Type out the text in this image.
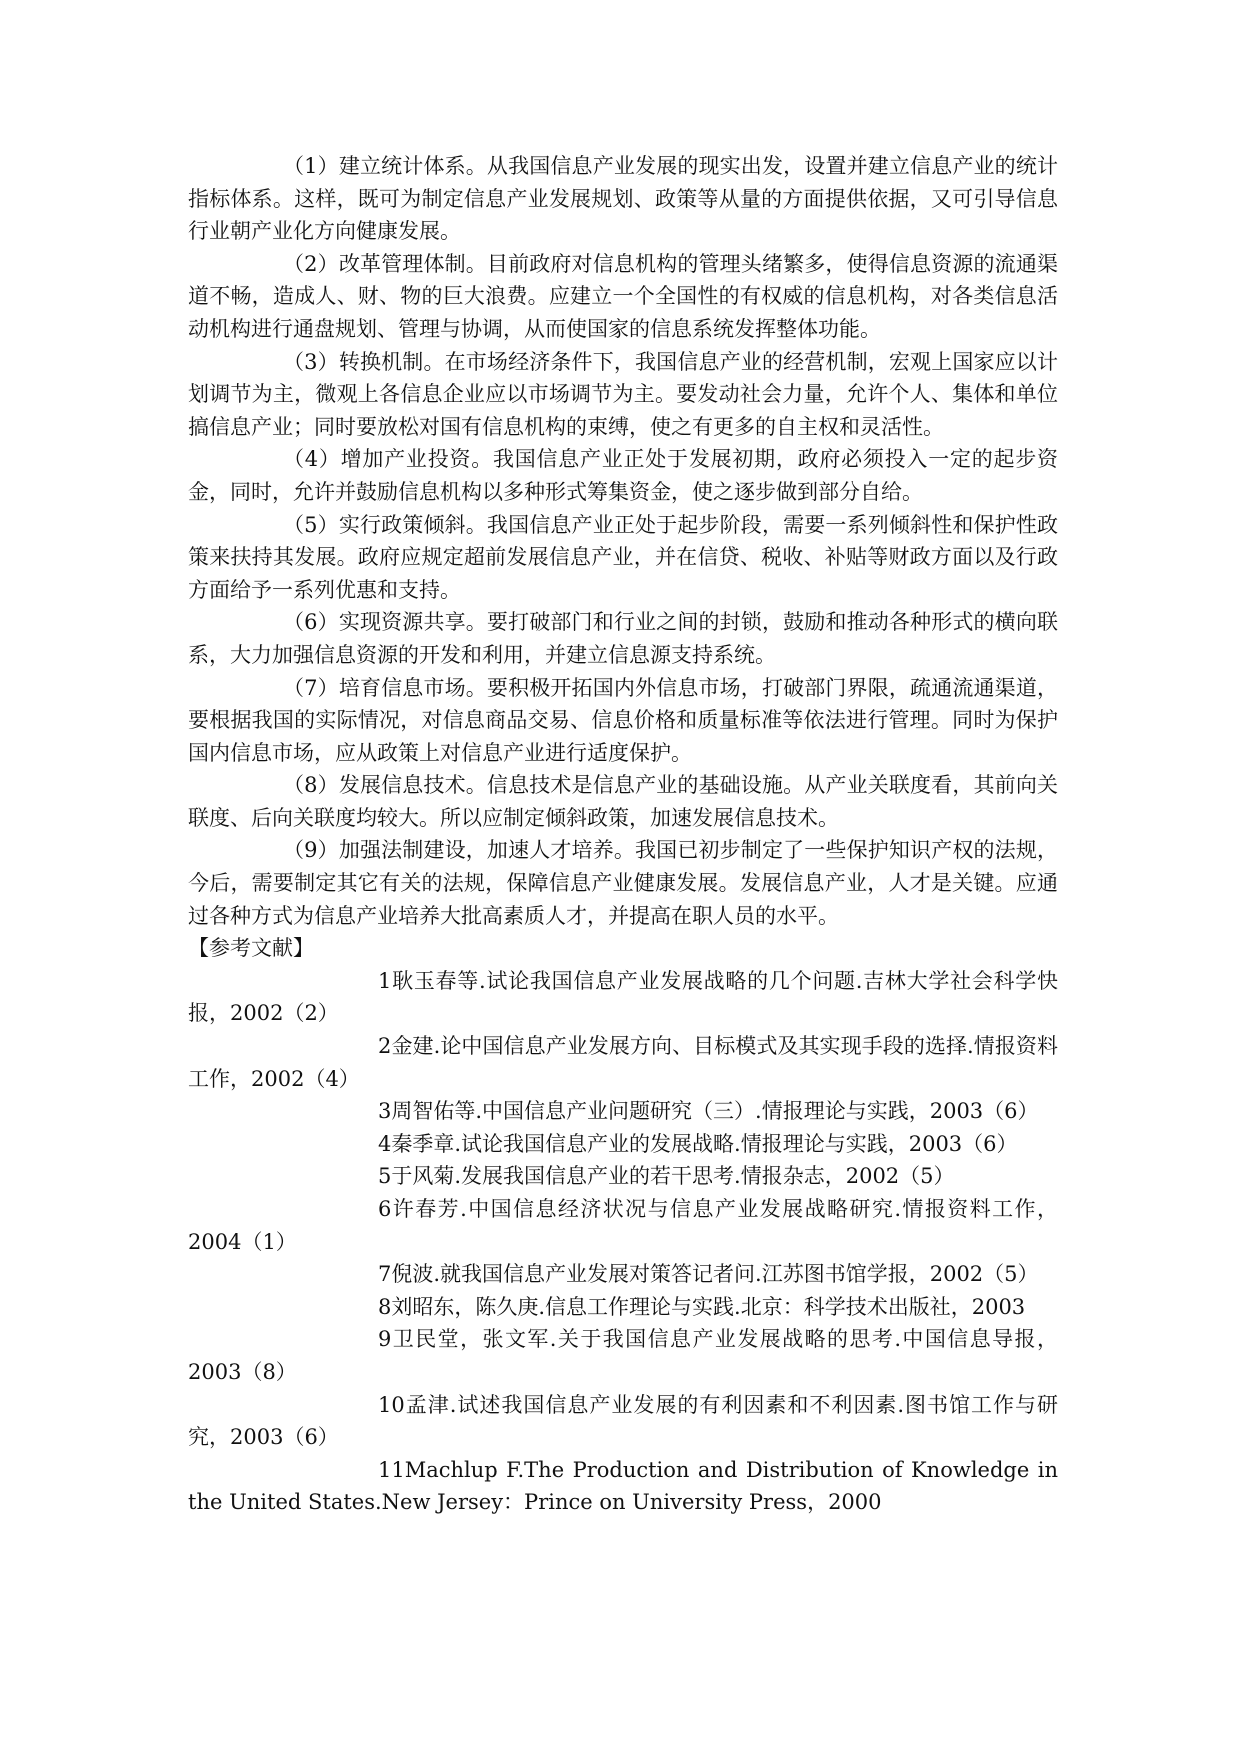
（1）建立统计体系。从我国信息产业发展的现实出发，设置并建立信息产业的统计指标体系。这样，既可为制定信息产业发展规划、政策等从量的方面提供依据，又可引导信息行业朝产业化方向健康发展。

（2）改革管理体制。目前政府对信息机构的管理头绪繁多，使得信息资源的流通渠道不畅，造成人、财、物的巨大浪费。应建立一个全国性的有权威的信息机构，对各类信息活动机构进行通盘规划、管理与协调，从而使国家的信息系统发挥整体功能。

（3）转换机制。在市场经济条件下，我国信息产业的经营机制，宏观上国家应以计划调节为主，微观上各信息企业应以市场调节为主。要发动社会力量，允许个人、集体和单位搞信息产业；同时要放松对国有信息机构的束缚，使之有更多的自主权和灵活性。

（4）增加产业投资。我国信息产业正处于发展初期，政府必须投入一定的起步资金，同时，允许并鼓励信息机构以多种形式筹集资金，使之逐步做到部分自给。

（5）实行政策倾斜。我国信息产业正处于起步阶段，需要一系列倾斜性和保护性政策来扶持其发展。政府应规定超前发展信息产业，并在信贷、税收、补贴等财政方面以及行政方面给予一系列优惠和支持。

（6）实现资源共享。要打破部门和行业之间的封锁，鼓励和推动各种形式的横向联系，大力加强信息资源的开发和利用，并建立信息源支持系统。

（7）培育信息市场。要积极开拓国内外信息市场，打破部门界限，疏通流通渠道，要根据我国的实际情况，对信息商品交易、信息价格和质量标准等依法进行管理。同时为保护国内信息市场，应从政策上对信息产业进行适度保护。

（8）发展信息技术。信息技术是信息产业的基础设施。从产业关联度看，其前向关联度、后向关联度均较大。所以应制定倾斜政策，加速发展信息技术。

（9）加强法制建设，加速人才培养。我国已初步制定了一些保护知识产权的法规，今后，需要制定其它有关的法规，保障信息产业健康发展。发展信息产业，人才是关键。应通过各种方式为信息产业培养大批高素质人才，并提高在职人员的水平。

【参考文献】

1耿玉春等.试论我国信息产业发展战略的几个问题.吉林大学社会科学快报，2002（2）

2金建.论中国信息产业发展方向、目标模式及其实现手段的选择.情报资料工作，2002（4）

3周智佑等.中国信息产业问题研究（三）.情报理论与实践，2003（6）

4秦季章.试论我国信息产业的发展战略.情报理论与实践，2003（6）

5于风菊.发展我国信息产业的若干思考.情报杂志，2002（5）

6许春芳.中国信息经济状况与信息产业发展战略研究.情报资料工作，2004（1）

7倪波.就我国信息产业发展对策答记者问.江苏图书馆学报，2002（5）

8刘昭东，陈久庚.信息工作理论与实践.北京：科学技术出版社，2003

9卫民堂，张文军.关于我国信息产业发展战略的思考.中国信息导报，2003（8）

10孟津.试述我国信息产业发展的有利因素和不利因素.图书馆工作与研究，2003（6）

11Machlup F.The Production and Distribution of Knowledge in the United States.New Jersey：Prince on University Press，2000
